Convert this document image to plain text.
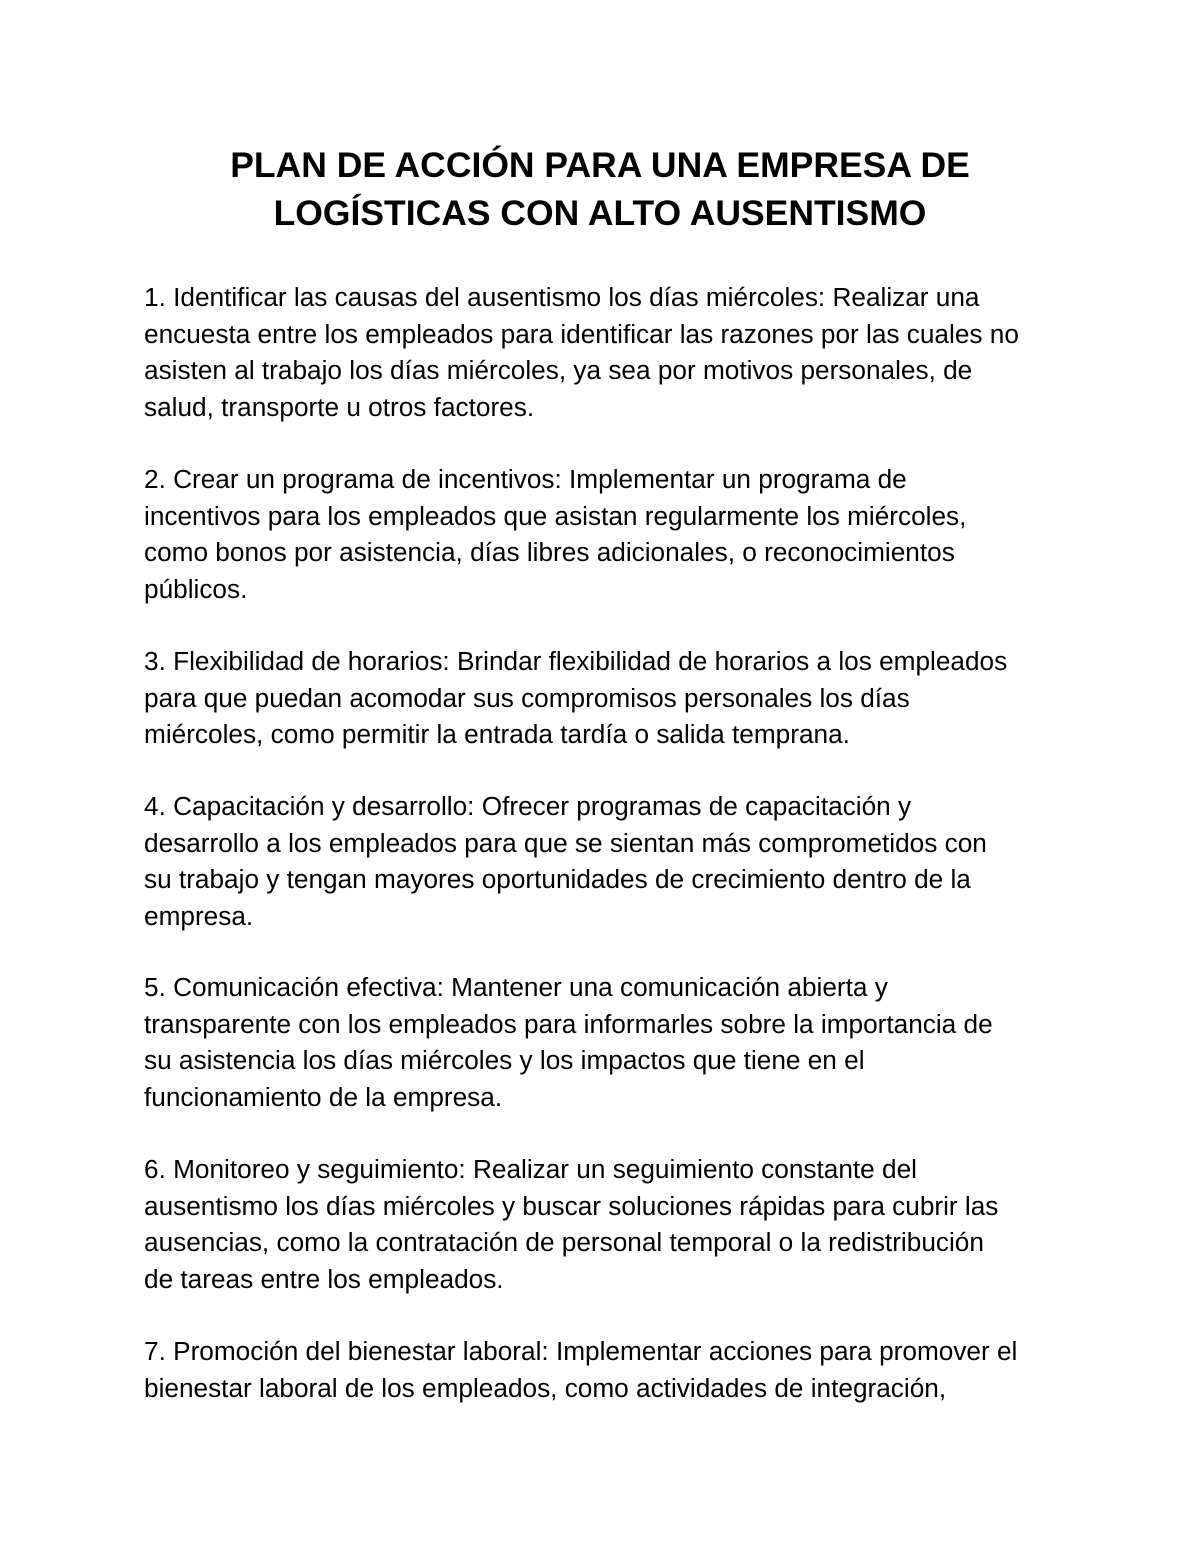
PLAN DE ACCIÓN PARA UNA EMPRESA DE
LOGÍSTICAS CON ALTO AUSENTISMO

1. Identificar las causas del ausentismo los días miércoles: Realizar una
encuesta entre los empleados para identificar las razones por las cuales no
asisten al trabajo los días miércoles, ya sea por motivos personales, de
salud, transporte u otros factores.

2. Crear un programa de incentivos: Implementar un programa de
incentivos para los empleados que asistan regularmente los miércoles,
como bonos por asistencia, días libres adicionales, o reconocimientos
públicos.

3. Flexibilidad de horarios: Brindar flexibilidad de horarios a los empleados
para que puedan acomodar sus compromisos personales los días
miércoles, como permitir la entrada tardía o salida temprana.

4. Capacitación y desarrollo: Ofrecer programas de capacitación y
desarrollo a los empleados para que se sientan más comprometidos con
su trabajo y tengan mayores oportunidades de crecimiento dentro de la
empresa.

5. Comunicación efectiva: Mantener una comunicación abierta y
transparente con los empleados para informarles sobre la importancia de
su asistencia los días miércoles y los impactos que tiene en el
funcionamiento de la empresa.

6. Monitoreo y seguimiento: Realizar un seguimiento constante del
ausentismo los días miércoles y buscar soluciones rápidas para cubrir las
ausencias, como la contratación de personal temporal o la redistribución
de tareas entre los empleados.

7. Promoción del bienestar laboral: Implementar acciones para promover el
bienestar laboral de los empleados, como actividades de integración,
